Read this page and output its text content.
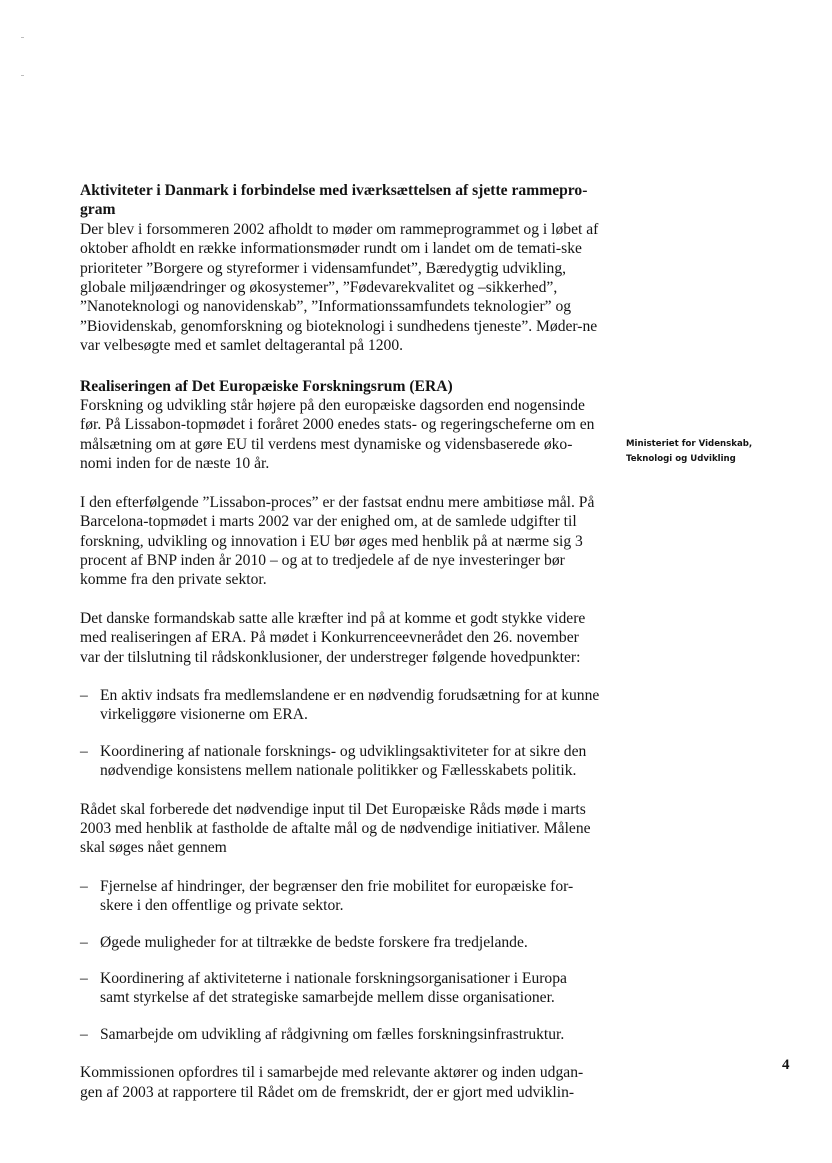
Ministeriet for Videnskab,
Teknologi og Udvikling
Aktiviteter i Danmark i forbindelse med iværksættelsen af sjette rammepro-gram
Der blev i forsommeren 2002 afholdt to møder om rammeprogrammet og i løbet af oktober afholdt en række informationsmøder rundt om i landet om de temati-ske prioriteter ”Borgere og styreformer i vidensamfundet”, Bæredygtig udvikling, globale miljøændringer og økosystemer”, ”Fødevarekvalitet og –sikkerhed”, ”Nanoteknologi og nanovidenskab”, ”Informationssamfundets teknologier” og ”Biovidenskab, genomforskning og bioteknologi i sundhedens tjeneste”. Møder-ne var velbesøgte med et samlet deltagerantal på 1200.
Realiseringen af Det Europæiske Forskningsrum (ERA)

Forskning og udvikling står højere på den europæiske dagsorden end nogensinde før. På Lissabon-topmødet i foråret 2000 enedes stats- og regeringscheferne om en målsætning om at gøre EU til verdens mest dynamiske og vidensbaserede øko-nomi inden for de næste 10 år.

I den efterfølgende ”Lissabon-proces” er der fastsat endnu mere ambitiøse mål. På Barcelona-topmødet i marts 2002 var der enighed om, at de samlede udgifter til forskning, udvikling og innovation i EU bør øges med henblik på at nærme sig 3 procent af BNP inden år 2010 – og at to tredjedele af de nye investeringer bør komme fra den private sektor.

Det danske formandskab satte alle kræfter ind på at komme et godt stykke videre med realiseringen af ERA. På mødet i Konkurrenceevnerådet den 26. november var der tilslutning til rådskonklusioner, der understreger følgende hovedpunkter:

– En aktiv indsats fra medlemslandene er en nødvendig forudsætning for at kunne virkeliggøre visionerne om ERA.
– Koordinering af nationale forsknings- og udviklingsaktiviteter for at sikre den nødvendige konsistens mellem nationale politikker og Fællesskabets politik.

Rådet skal forberede det nødvendige input til Det Europæiske Råds møde i marts 2003 med henblik at fastholde de aftalte mål og de nødvendige initiativer. Målene skal søges nået gennem

– Fjernelse af hindringer, der begrænser den frie mobilitet for europæiske for-skere i den offentlige og private sektor.
– Øgede muligheder for at tiltrække de bedste forskere fra tredjelande.
– Koordinering af aktiviteterne i nationale forskningsorganisationer i Europa samt styrkelse af det strategiske samarbejde mellem disse organisationer.
– Samarbejde om udvikling af rådgivning om fælles forskningsinfrastruktur.

Kommissionen opfordres til i samarbejde med relevante aktører og inden udgan-gen af 2003 at rapportere til Rådet om de fremskridt, der er gjort med udviklin-

4
